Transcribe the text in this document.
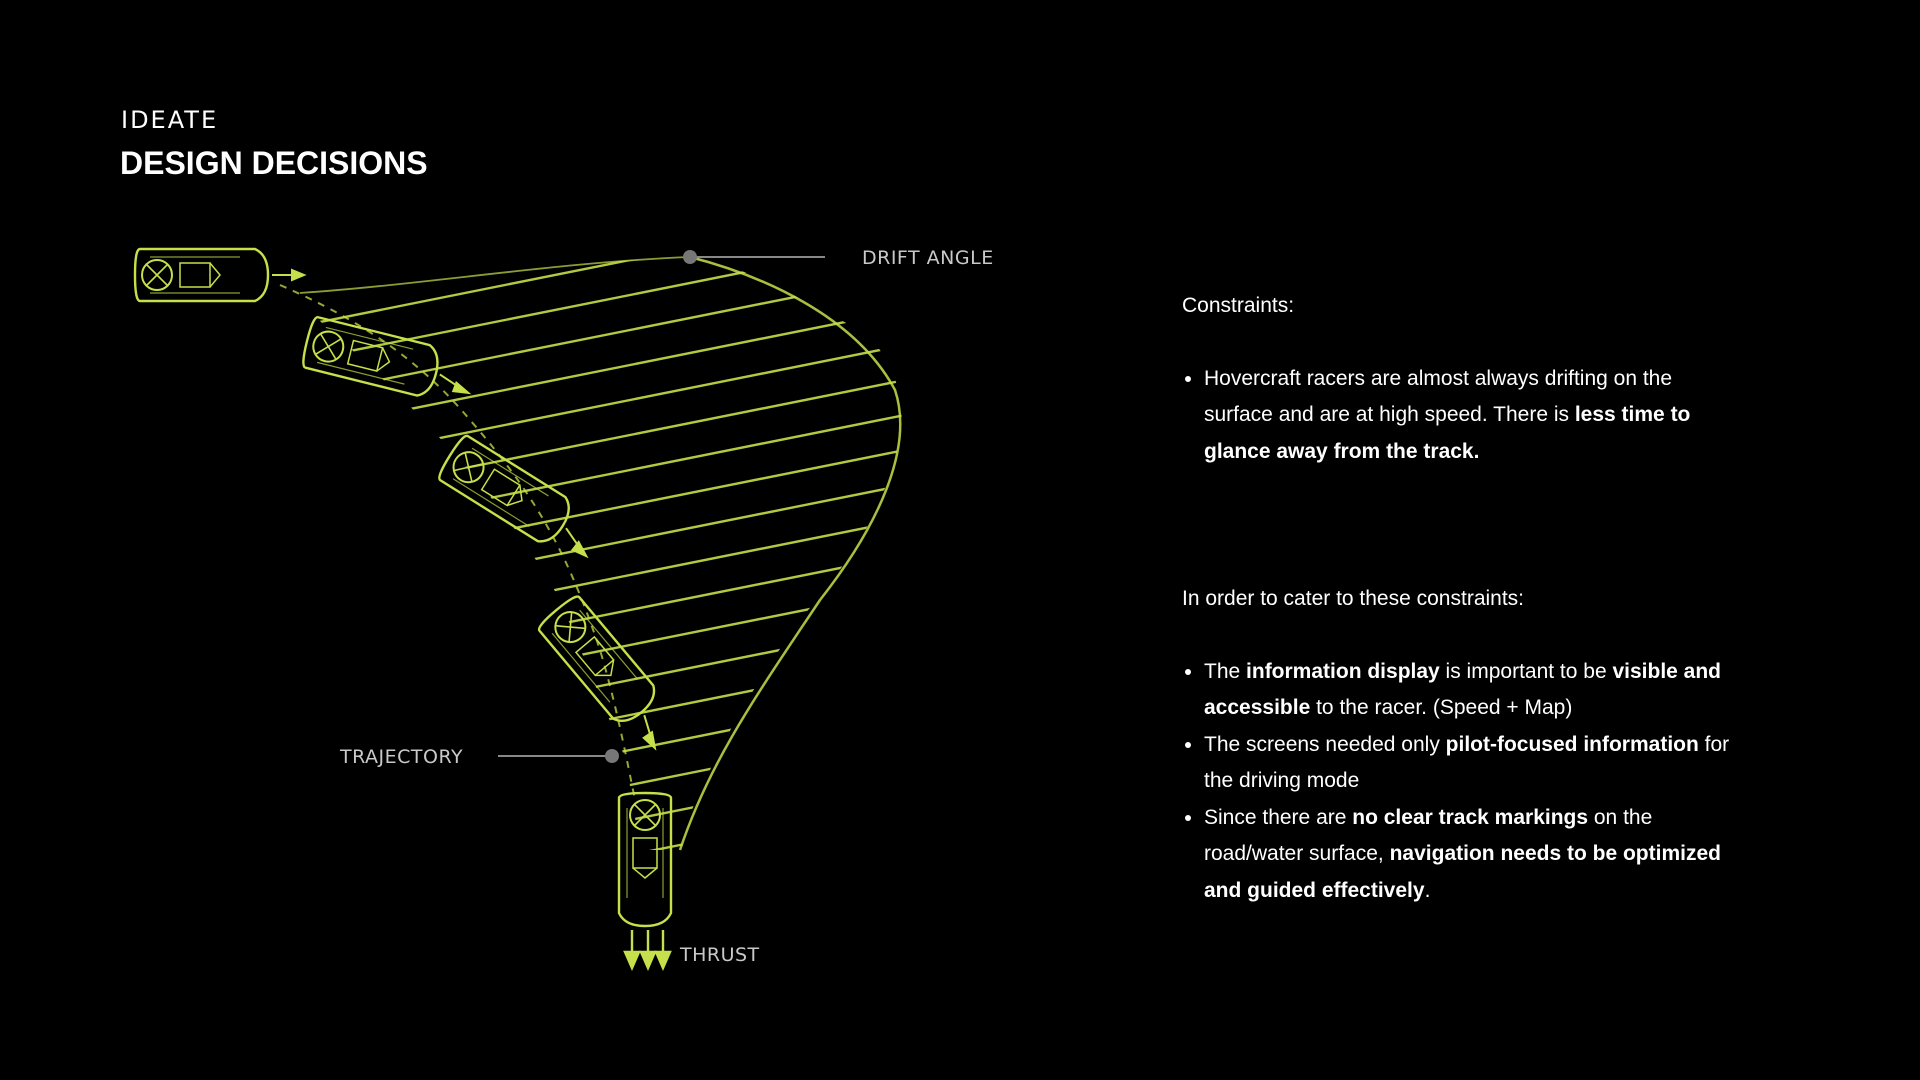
IDEATE
DESIGN DECISIONS
DRIFT ANGLE
TRAJECTORY
THRUST

Constraints:

• Hovercraft racers are almost always drifting on the surface and are at high speed. There is less time to glance away from the track.

In order to cater to these constraints:

• The information display is important to be visible and accessible to the racer. (Speed + Map)
• The screens needed only pilot-focused information for the driving mode
• Since there are no clear track markings on the road/water surface, navigation needs to be optimized and guided effectively.
